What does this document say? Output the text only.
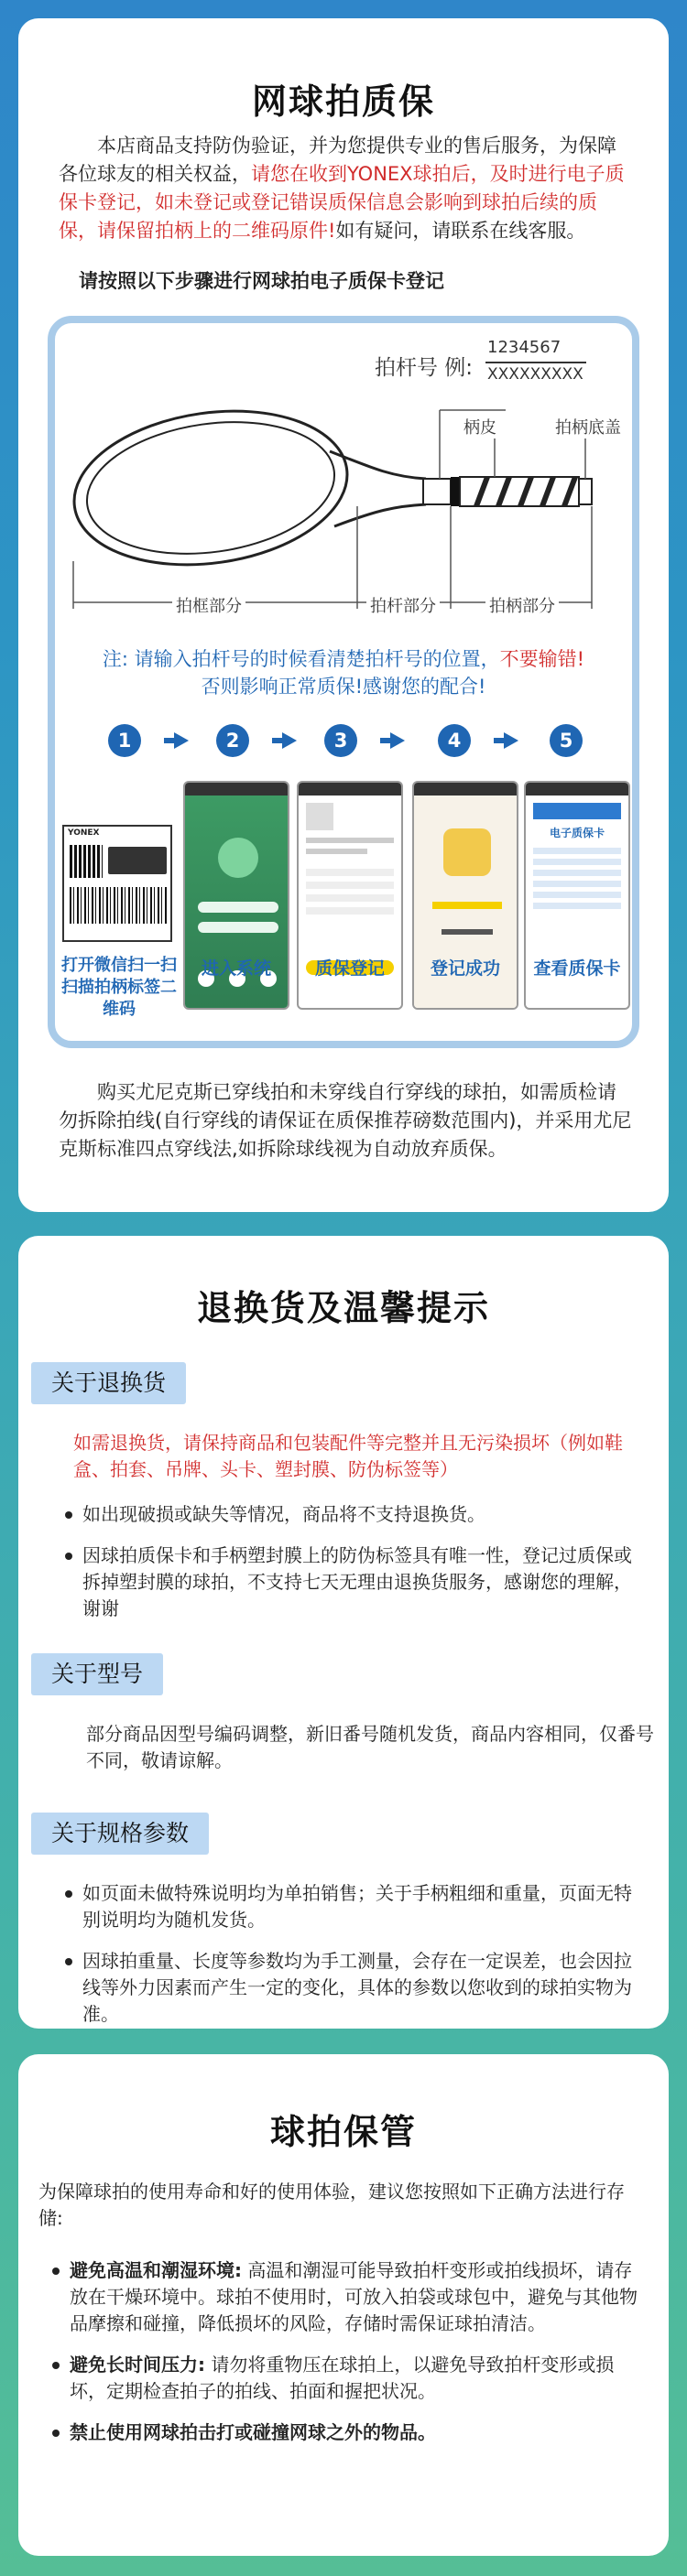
网球拍质保
本店商品支持防伪验证，并为您提供专业的售后服务，为保障各位球友的相关权益，请您在收到YONEX球拍后，及时进行电子质保卡登记，如未登记或登记错误质保信息会影响到球拍后续的质保，请保留拍柄上的二维码原件!如有疑问，请联系在线客服。
请按照以下步骤进行网球拍电子质保卡登记
拍杆号 例:
1234567
XXXXXXXXX
柄皮	拍柄底盖
拍框部分	拍杆部分	拍柄部分
注: 请输入拍杆号的时候看清楚拍杆号的位置，不要输错!
否则影响正常质保!感谢您的配合!
1	2	3	4	5
YONEX	电子质保卡
打开微信扫一扫扫描拍柄标签二维码
进入系统	质保登记	登记成功	查看质保卡
购买尤尼克斯已穿线拍和未穿线自行穿线的球拍，如需质检请勿拆除拍线(自行穿线的请保证在质保推荐磅数范围内)，并采用尤尼克斯标准四点穿线法,如拆除球线视为自动放弃质保。
退换货及温馨提示
关于退换货
如需退换货，请保持商品和包装配件等完整并且无污染损坏（例如鞋盒、拍套、吊牌、头卡、塑封膜、防伪标签等）
如出现破损或缺失等情况，商品将不支持退换货。
因球拍质保卡和手柄塑封膜上的防伪标签具有唯一性，登记过质保或拆掉塑封膜的球拍，不支持七天无理由退换货服务，感谢您的理解，谢谢
关于型号
部分商品因型号编码调整，新旧番号随机发货，商品内容相同，仅番号不同，敬请谅解。
关于规格参数
如页面未做特殊说明均为单拍销售；关于手柄粗细和重量，页面无特别说明均为随机发货。
因球拍重量、长度等参数均为手工测量，会存在一定误差，也会因拉线等外力因素而产生一定的变化，具体的参数以您收到的球拍实物为准。
球拍保管
为保障球拍的使用寿命和好的使用体验，建议您按照如下正确方法进行存储:
避免高温和潮湿环境: 高温和潮湿可能导致拍杆变形或拍线损坏，请存放在干燥环境中。球拍不使用时，可放入拍袋或球包中，避免与其他物品摩擦和碰撞，降低损坏的风险，存储时需保证球拍清洁。
避免长时间压力: 请勿将重物压在球拍上，以避免导致拍杆变形或损坏，定期检查拍子的拍线、拍面和握把状况。
禁止使用网球拍击打或碰撞网球之外的物品。
